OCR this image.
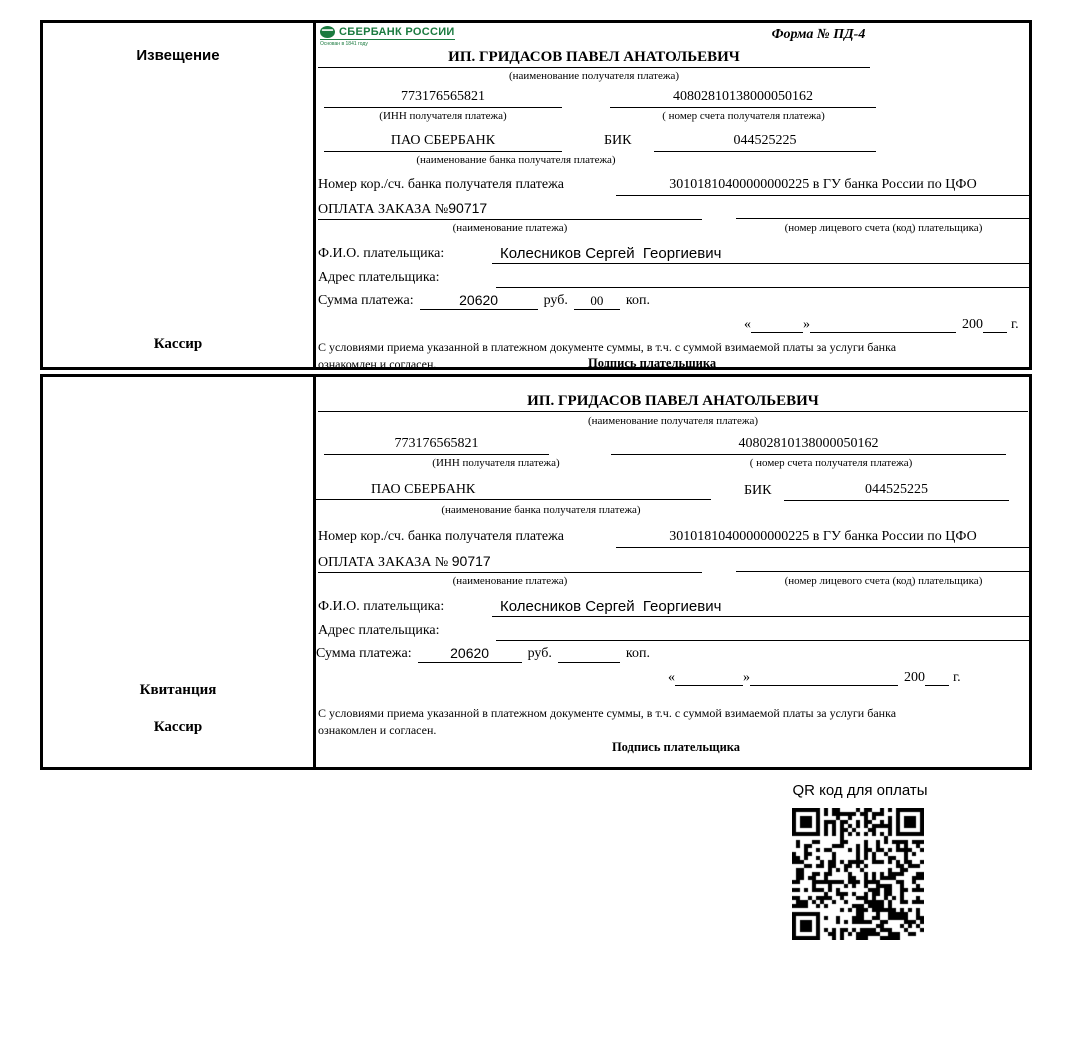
Извещение
Кассир
СБЕРБАНК РОССИИ
Основан в 1841 году
Форма № ПД-4
ИП. ГРИДАСОВ ПАВЕЛ АНАТОЛЬЕВИЧ
(наименование получателя платежа)
773176565821	40802810138000050162
(ИНН получателя платежа)	( номер счета получателя платежа)
ПАО СБЕРБАНК	БИК	044525225
(наименование банка получателя платежа)
Номер кор./сч. банка получателя платежа	30101810400000000225 в ГУ банка России по ЦФО
ОПЛАТА ЗАКАЗА №90717
(наименование платежа)	(номер лицевого счета (код) плательщика)
Ф.И.О. плательщика:	Колесников Сергей  Георгиевич
Адрес плательщика:
Сумма платежа:	20620	руб.	00	коп.
«	»	200 г.
С условиями приема указанной в платежном документе суммы, в т.ч. с суммой взимаемой платы за услуги банка
ознакомлен и согласен.	Подпись плательщика
Квитанция
Кассир
ИП. ГРИДАСОВ ПАВЕЛ АНАТОЛЬЕВИЧ
(наименование получателя платежа)
773176565821	40802810138000050162
(ИНН получателя платежа)	( номер счета получателя платежа)
ПАО СБЕРБАНК	БИК	044525225
(наименование банка получателя платежа)
Номер кор./сч. банка получателя платежа	30101810400000000225 в ГУ банка России по ЦФО
ОПЛАТА ЗАКАЗА № 90717
(наименование платежа)	(номер лицевого счета (код) плательщика)
Ф.И.О. плательщика:	Колесников Сергей  Георгиевич
Адрес плательщика:
Сумма платежа:	20620	руб.	коп.
«	»	200 г.
С условиями приема указанной в платежном документе суммы, в т.ч. с суммой взимаемой платы за услуги банка
ознакомлен и согласен.
Подпись плательщика
QR код для оплаты
